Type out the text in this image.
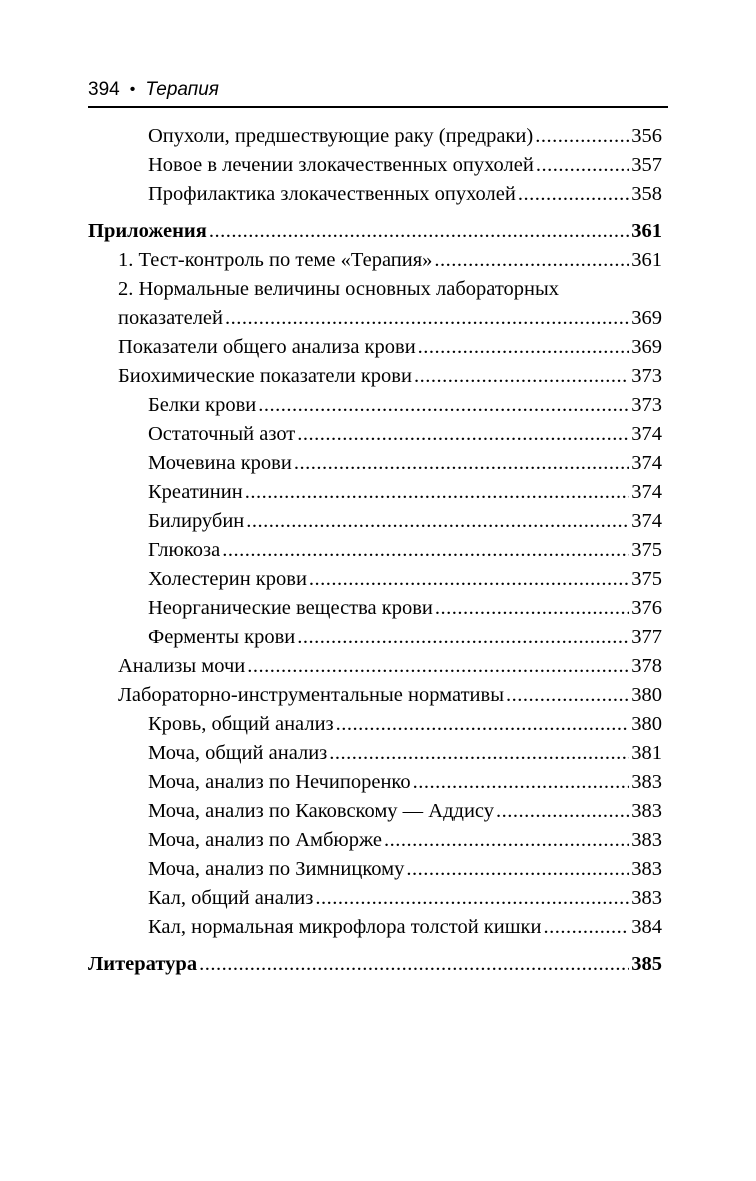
394 • Терапия
Опухоли, предшествующие раку (предраки) .....	356
Новое в лечении злокачественных опухолей .....	357
Профилактика злокачественных опухолей .....	358
Приложения .....	361
1. Тест-контроль по теме «Терапия» .....	361
2. Нормальные величины основных лабораторных
показателей .....	369
Показатели общего анализа крови .....	369
Биохимические показатели крови .....	373
Белки крови .....	373
Остаточный азот .....	374
Мочевина крови .....	374
Креатинин .....	374
Билирубин .....	374
Глюкоза .....	375
Холестерин крови .....	375
Неорганические вещества крови .....	376
Ферменты крови .....	377
Анализы мочи .....	378
Лабораторно-инструментальные нормативы .....	380
Кровь, общий анализ .....	380
Моча, общий анализ .....	381
Моча, анализ по Нечипоренко .....	383
Моча, анализ по Каковскому — Аддису .....	383
Моча, анализ по Амбюрже .....	383
Моча, анализ по Зимницкому .....	383
Кал, общий анализ .....	383
Кал, нормальная микрофлора толстой кишки .....	384
Литература .....	385
